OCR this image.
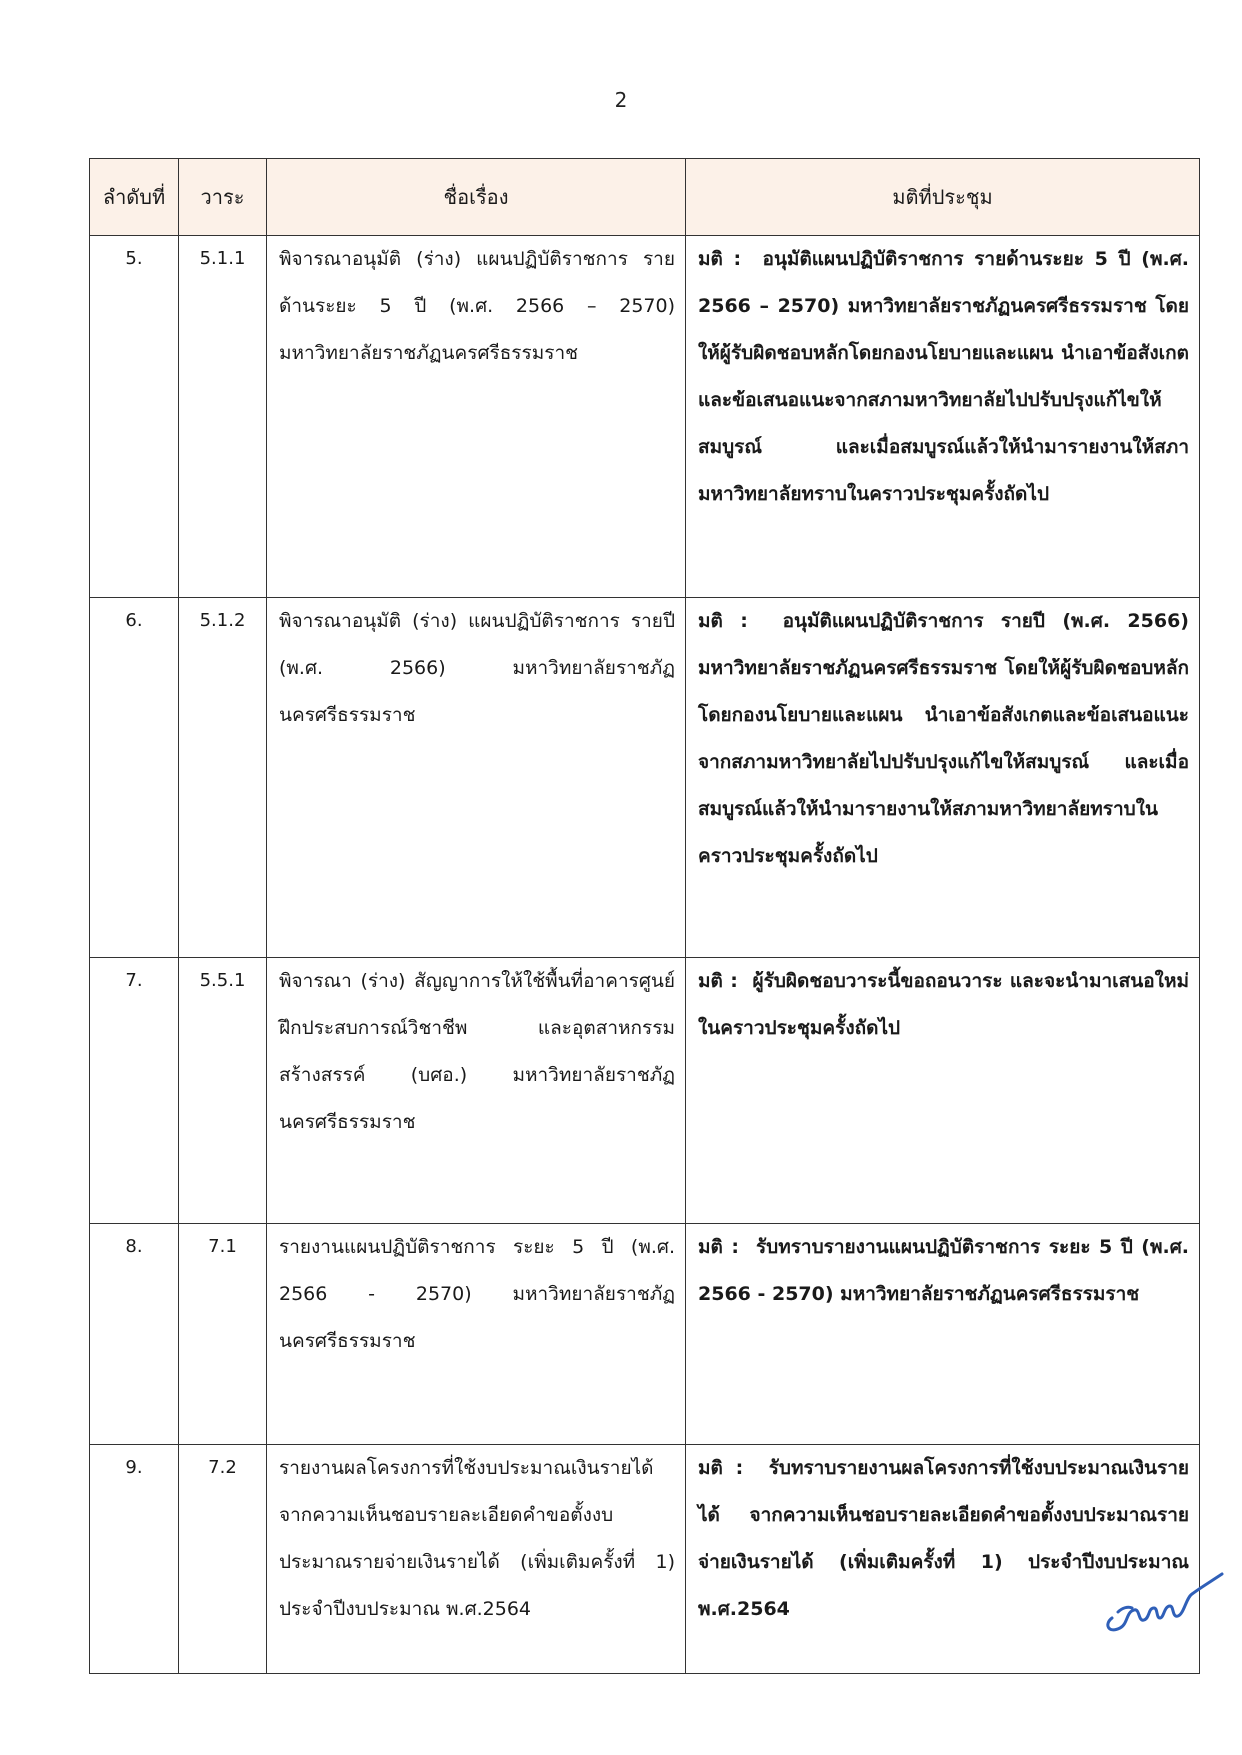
2
ลำดับที่	วาระ	ชื่อเรื่อง	มติที่ประชุม
5.	5.1.1	พิจารณาอนุมัติ (ร่าง) แผนปฏิบัติราชการ รายด้านระยะ 5 ปี (พ.ศ. 2566 – 2570) มหาวิทยาลัยราชภัฏนครศรีธรรมราช	มติ : อนุมัติแผนปฏิบัติราชการ รายด้านระยะ 5 ปี (พ.ศ. 2566 – 2570) มหาวิทยาลัยราชภัฏนครศรีธรรมราช โดยให้ผู้รับผิดชอบหลักโดยกองนโยบายและแผน นำเอาข้อสังเกตและข้อเสนอแนะจากสภามหาวิทยาลัยไปปรับปรุงแก้ไขให้สมบูรณ์ และเมื่อสมบูรณ์แล้วให้นำมารายงานให้สภามหาวิทยาลัยทราบในคราวประชุมครั้งถัดไป
6.	5.1.2	พิจารณาอนุมัติ (ร่าง) แผนปฏิบัติราชการ รายปี (พ.ศ. 2566) มหาวิทยาลัยราชภัฏนครศรีธรรมราช	มติ : อนุมัติแผนปฏิบัติราชการ รายปี (พ.ศ. 2566) มหาวิทยาลัยราชภัฏนครศรีธรรมราช โดยให้ผู้รับผิดชอบหลักโดยกองนโยบายและแผน นำเอาข้อสังเกตและข้อเสนอแนะจากสภามหาวิทยาลัยไปปรับปรุงแก้ไขให้สมบูรณ์ และเมื่อสมบูรณ์แล้วให้นำมารายงานให้สภามหาวิทยาลัยทราบในคราวประชุมครั้งถัดไป
7.	5.5.1	พิจารณา (ร่าง) สัญญาการให้ใช้พื้นที่อาคารศูนย์ฝึกประสบการณ์วิชาชีพ และอุตสาหกรรมสร้างสรรค์ (บศอ.) มหาวิทยาลัยราชภัฏนครศรีธรรมราช	มติ : ผู้รับผิดชอบวาระนี้ขอถอนวาระ และจะนำมาเสนอใหม่ในคราวประชุมครั้งถัดไป
8.	7.1	รายงานแผนปฏิบัติราชการ ระยะ 5 ปี (พ.ศ. 2566 - 2570) มหาวิทยาลัยราชภัฏนครศรีธรรมราช	มติ : รับทราบรายงานแผนปฏิบัติราชการ ระยะ 5 ปี (พ.ศ. 2566 - 2570) มหาวิทยาลัยราชภัฏนครศรีธรรมราช
9.	7.2	รายงานผลโครงการที่ใช้งบประมาณเงินรายได้ จากความเห็นชอบรายละเอียดคำขอตั้งงบประมาณรายจ่ายเงินรายได้ (เพิ่มเติมครั้งที่ 1) ประจำปีงบประมาณ พ.ศ.2564	มติ : รับทราบรายงานผลโครงการที่ใช้งบประมาณเงินรายได้ จากความเห็นชอบรายละเอียดคำขอตั้งงบประมาณรายจ่ายเงินรายได้ (เพิ่มเติมครั้งที่ 1) ประจำปีงบประมาณ พ.ศ.2564
